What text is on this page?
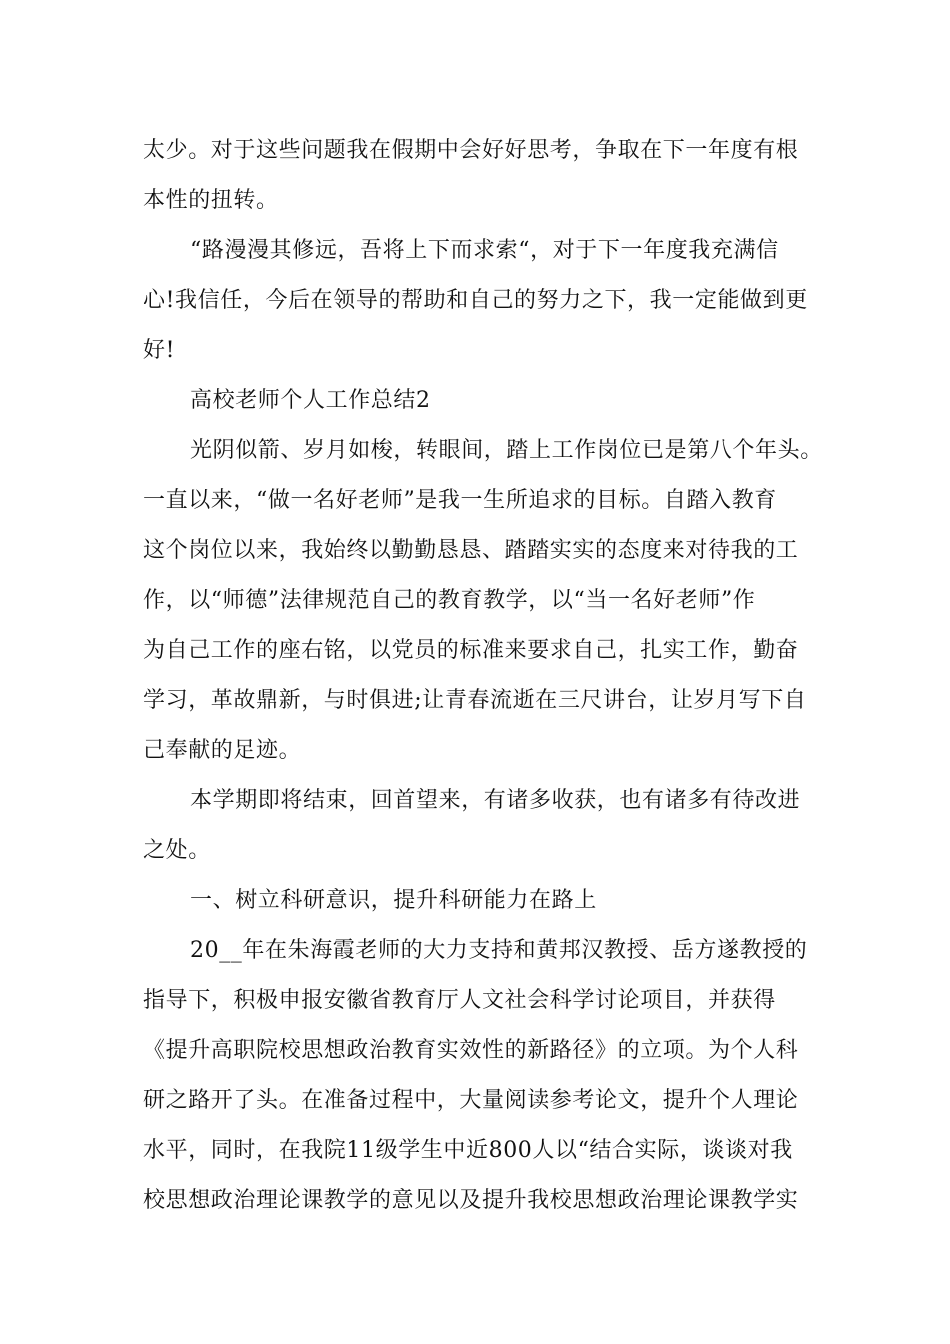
太少。对于这些问题我在假期中会好好思考，争取在下一年度有根
本性的扭转。
“路漫漫其修远，吾将上下而求索“，对于下一年度我充满信
心!我信任，今后在领导的帮助和自己的努力之下，我一定能做到更
好!
高校老师个人工作总结2
光阴似箭、岁月如梭，转眼间，踏上工作岗位已是第八个年头。
一直以来，“做一名好老师”是我一生所追求的目标。自踏入教育
这个岗位以来，我始终以勤勤恳恳、踏踏实实的态度来对待我的工
作，以“师德”法律规范自己的教育教学，以“当一名好老师”作
为自己工作的座右铭，以党员的标准来要求自己，扎实工作，勤奋
学习，革故鼎新，与时俱进;让青春流逝在三尺讲台，让岁月写下自
己奉献的足迹。
本学期即将结束，回首望来，有诸多收获，也有诸多有待改进
之处。
一、树立科研意识，提升科研能力在路上
20__年在朱海霞老师的大力支持和黄邦汉教授、岳方遂教授的
指导下，积极申报安徽省教育厅人文社会科学讨论项目，并获得
《提升高职院校思想政治教育实效性的新路径》的立项。为个人科
研之路开了头。在准备过程中，大量阅读参考论文，提升个人理论
水平，同时，在我院11级学生中近800人以“结合实际，谈谈对我
校思想政治理论课教学的意见以及提升我校思想政治理论课教学实
